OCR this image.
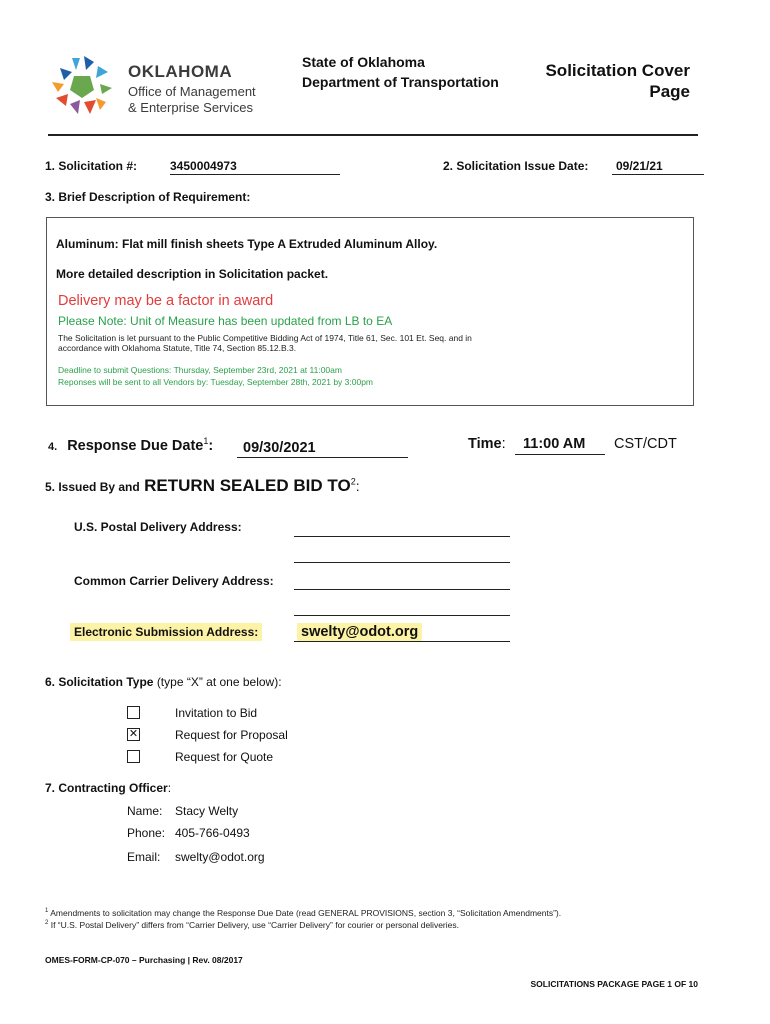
OKLAHOMA
Office of Management
& Enterprise Services
State of Oklahoma
Department of Transportation
Solicitation Cover
Page
1. Solicitation #:	3450004973	2. Solicitation Issue Date:	09/21/21
3. Brief Description of Requirement:
Aluminum: Flat mill finish sheets Type A Extruded Aluminum Alloy.
More detailed description in Solicitation packet.
Delivery may be a factor in award
Please Note: Unit of Measure has been updated from LB to EA
The Solicitation is let pursuant to the Public Competitive Bidding Act of 1974, Title 61, Sec. 101 Et. Seq. and in
accordance with Oklahoma Statute, Title 74, Section 85.12.B.3.
Deadline to submit Questions: Thursday, September 23rd, 2021 at 11:00am
Reponses will be sent to all Vendors by: Tuesday, September 28th, 2021 by 3:00pm
4. Response Due Date$^1$:	09/30/2021	Time:	11:00 AM	CST/CDT
5. Issued By and RETURN SEALED BID $TO^2$:
U.S. Postal Delivery Address:
Common Carrier Delivery Address:
Electronic Submission Address:	swelty@odot.org
6. Solicitation Type (type “X” at one below):
Invitation to Bid
✕	Request for Proposal
Request for Quote
7. Contracting Officer:
Name: Stacy Welty
Phone: 405-766-0493
Email: swelty@odot.org
$^1$ Amendments to solicitation may change the Response Due Date (read GENERAL PROVISIONS, section 3, “Solicitation Amendments”).
$^2$ If “U.S. Postal Delivery” differs from “Carrier Delivery, use “Carrier Delivery” for courier or personal deliveries.
OMES-FORM-CP-070 – Purchasing | Rev. 08/2017
SOLICITATIONS PACKAGE PAGE 1 OF 10
